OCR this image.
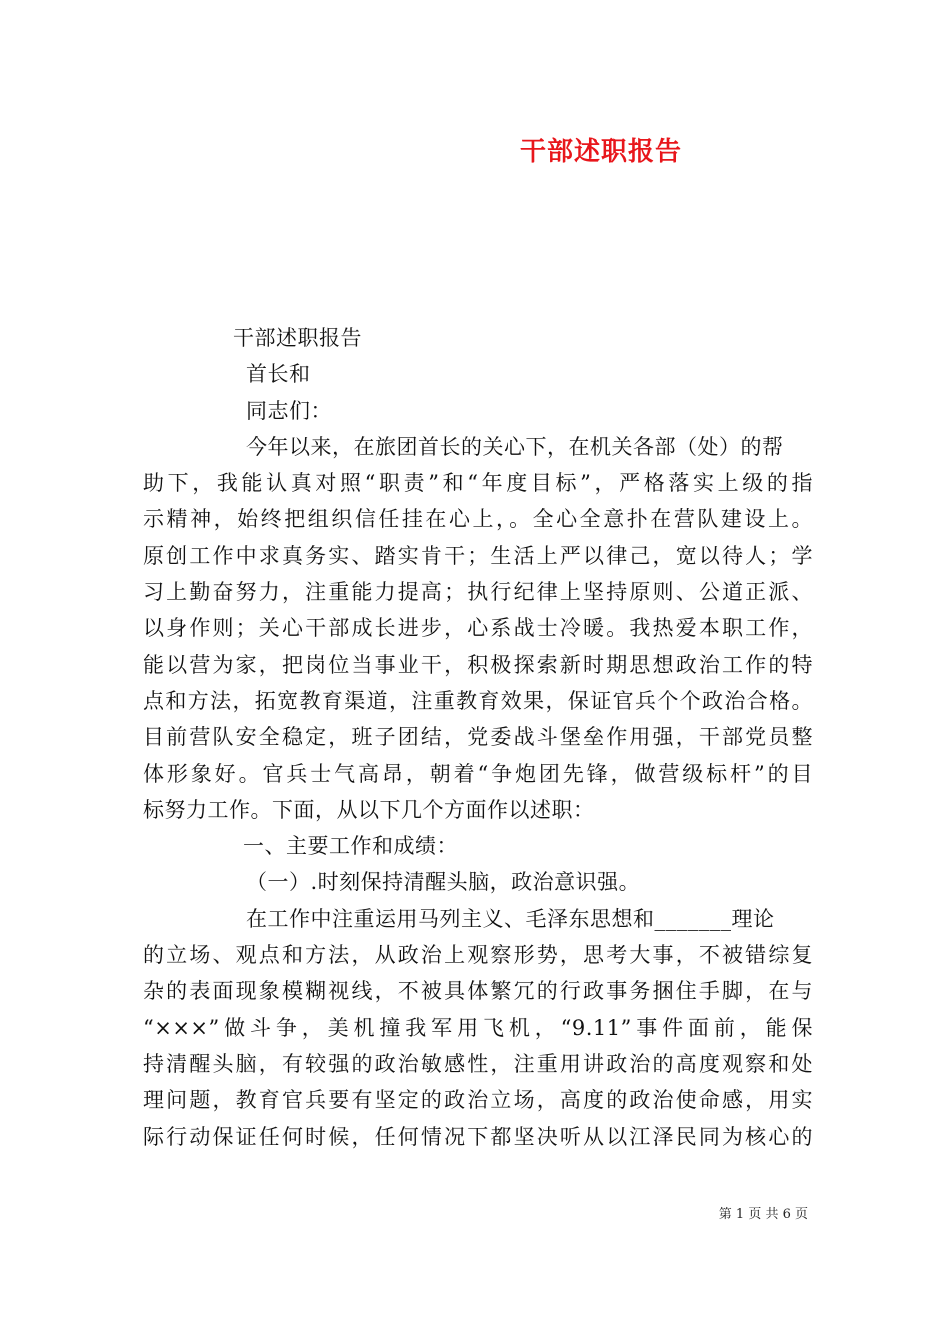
干部述职报告

干部述职报告

首长和

同志们：

今年以来，在旅团首长的关心下，在机关各部（处）的帮

助下，我能认真对照“职责”和“年度目标”，严格落实上级的指

示精神，始终把组织信任挂在心上，。全心全意扑在营队建设上。

原创工作中求真务实、踏实肯干；生活上严以律己，宽以待人；学

习上勤奋努力，注重能力提高；执行纪律上坚持原则、公道正派、

以身作则；关心干部成长进步，心系战士冷暖。我热爱本职工作，

能以营为家，把岗位当事业干，积极探索新时期思想政治工作的特

点和方法，拓宽教育渠道，注重教育效果，保证官兵个个政治合格。

目前营队安全稳定，班子团结，党委战斗堡垒作用强，干部党员整

体形象好。官兵士气高昂，朝着“争炮团先锋，做营级标杆”的目

标努力工作。下面，从以下几个方面作以述职：

一、主要工作和成绩：

（一）.时刻保持清醒头脑，政治意识强。

在工作中注重运用马列主义、毛泽东思想和_______理论

的立场、观点和方法，从政治上观察形势，思考大事，不被错综复

杂的表面现象模糊视线，不被具体繁冗的行政事务捆住手脚，在与

“×××”做斗争，美机撞我军用飞机，“9.11”事件面前，能保

持清醒头脑，有较强的政治敏感性，注重用讲政治的高度观察和处

理问题，教育官兵要有坚定的政治立场，高度的政治使命感，用实

际行动保证任何时候，任何情况下都坚决听从以江泽民同为核心的

第 1 页 共 6 页
